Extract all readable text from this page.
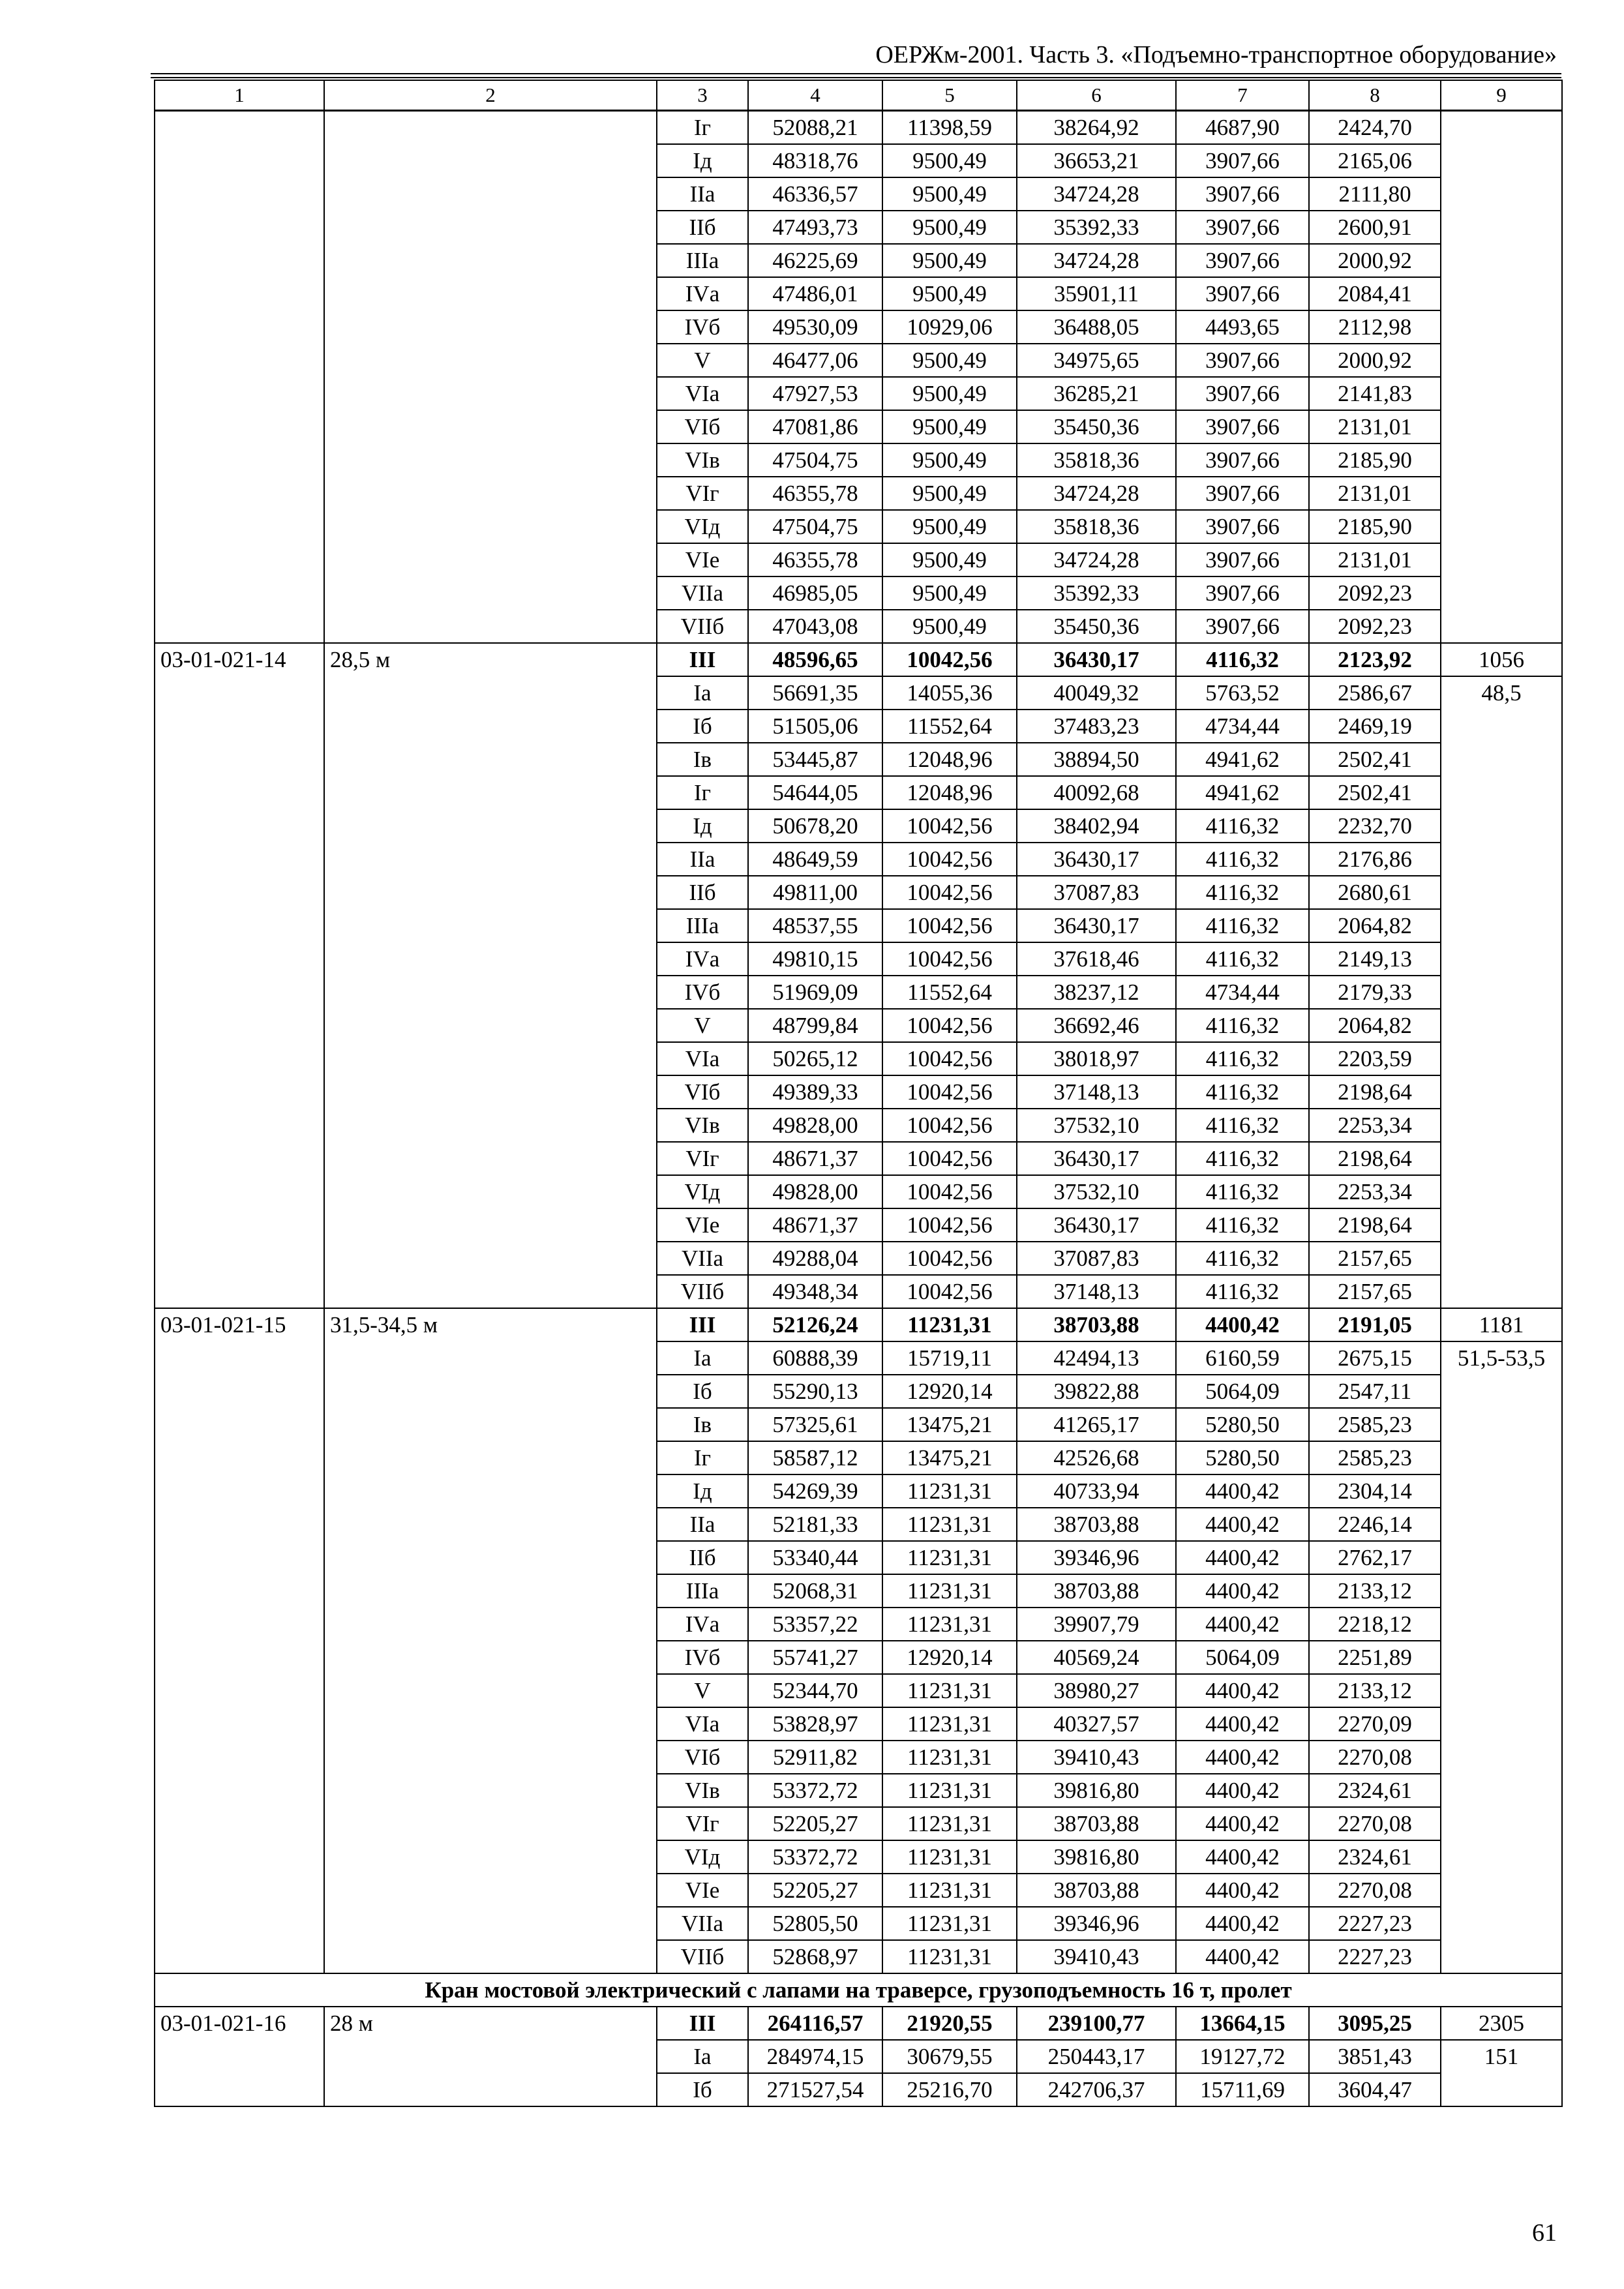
ОЕРЖм-2001. Часть 3. «Подъемно-транспортное оборудование»
1	2	3	4	5	6	7	8	9
		Iг	52088,21	11398,59	38264,92	4687,90	2424,70	
		Iд	48318,76	9500,49	36653,21	3907,66	2165,06	
		IIа	46336,57	9500,49	34724,28	3907,66	2111,80	
		IIб	47493,73	9500,49	35392,33	3907,66	2600,91	
		IIIа	46225,69	9500,49	34724,28	3907,66	2000,92	
		IVа	47486,01	9500,49	35901,11	3907,66	2084,41	
		IVб	49530,09	10929,06	36488,05	4493,65	2112,98	
		V	46477,06	9500,49	34975,65	3907,66	2000,92	
		VIа	47927,53	9500,49	36285,21	3907,66	2141,83	
		VIб	47081,86	9500,49	35450,36	3907,66	2131,01	
		VIв	47504,75	9500,49	35818,36	3907,66	2185,90	
		VIг	46355,78	9500,49	34724,28	3907,66	2131,01	
		VIд	47504,75	9500,49	35818,36	3907,66	2185,90	
		VIе	46355,78	9500,49	34724,28	3907,66	2131,01	
		VIIа	46985,05	9500,49	35392,33	3907,66	2092,23	
		VIIб	47043,08	9500,49	35450,36	3907,66	2092,23	
03-01-021-14	28,5 м	III	48596,65	10042,56	36430,17	4116,32	2123,92	1056
		Iа	56691,35	14055,36	40049,32	5763,52	2586,67	48,5
		Iб	51505,06	11552,64	37483,23	4734,44	2469,19	
		Iв	53445,87	12048,96	38894,50	4941,62	2502,41	
		Iг	54644,05	12048,96	40092,68	4941,62	2502,41	
		Iд	50678,20	10042,56	38402,94	4116,32	2232,70	
		IIа	48649,59	10042,56	36430,17	4116,32	2176,86	
		IIб	49811,00	10042,56	37087,83	4116,32	2680,61	
		IIIа	48537,55	10042,56	36430,17	4116,32	2064,82	
		IVа	49810,15	10042,56	37618,46	4116,32	2149,13	
		IVб	51969,09	11552,64	38237,12	4734,44	2179,33	
		V	48799,84	10042,56	36692,46	4116,32	2064,82	
		VIа	50265,12	10042,56	38018,97	4116,32	2203,59	
		VIб	49389,33	10042,56	37148,13	4116,32	2198,64	
		VIв	49828,00	10042,56	37532,10	4116,32	2253,34	
		VIг	48671,37	10042,56	36430,17	4116,32	2198,64	
		VIд	49828,00	10042,56	37532,10	4116,32	2253,34	
		VIе	48671,37	10042,56	36430,17	4116,32	2198,64	
		VIIа	49288,04	10042,56	37087,83	4116,32	2157,65	
		VIIб	49348,34	10042,56	37148,13	4116,32	2157,65	
03-01-021-15	31,5-34,5 м	III	52126,24	11231,31	38703,88	4400,42	2191,05	1181
		Iа	60888,39	15719,11	42494,13	6160,59	2675,15	51,5-53,5
		Iб	55290,13	12920,14	39822,88	5064,09	2547,11	
		Iв	57325,61	13475,21	41265,17	5280,50	2585,23	
		Iг	58587,12	13475,21	42526,68	5280,50	2585,23	
		Iд	54269,39	11231,31	40733,94	4400,42	2304,14	
		IIа	52181,33	11231,31	38703,88	4400,42	2246,14	
		IIб	53340,44	11231,31	39346,96	4400,42	2762,17	
		IIIа	52068,31	11231,31	38703,88	4400,42	2133,12	
		IVа	53357,22	11231,31	39907,79	4400,42	2218,12	
		IVб	55741,27	12920,14	40569,24	5064,09	2251,89	
		V	52344,70	11231,31	38980,27	4400,42	2133,12	
		VIа	53828,97	11231,31	40327,57	4400,42	2270,09	
		VIб	52911,82	11231,31	39410,43	4400,42	2270,08	
		VIв	53372,72	11231,31	39816,80	4400,42	2324,61	
		VIг	52205,27	11231,31	38703,88	4400,42	2270,08	
		VIд	53372,72	11231,31	39816,80	4400,42	2324,61	
		VIе	52205,27	11231,31	38703,88	4400,42	2270,08	
		VIIа	52805,50	11231,31	39346,96	4400,42	2227,23	
		VIIб	52868,97	11231,31	39410,43	4400,42	2227,23	
Кран мостовой электрический с лапами на траверсе, грузоподъемность 16 т, пролет								
03-01-021-16	28 м	III	264116,57	21920,55	239100,77	13664,15	3095,25	2305
		Iа	284974,15	30679,55	250443,17	19127,72	3851,43	151
		Iб	271527,54	25216,70	242706,37	15711,69	3604,47	
61
